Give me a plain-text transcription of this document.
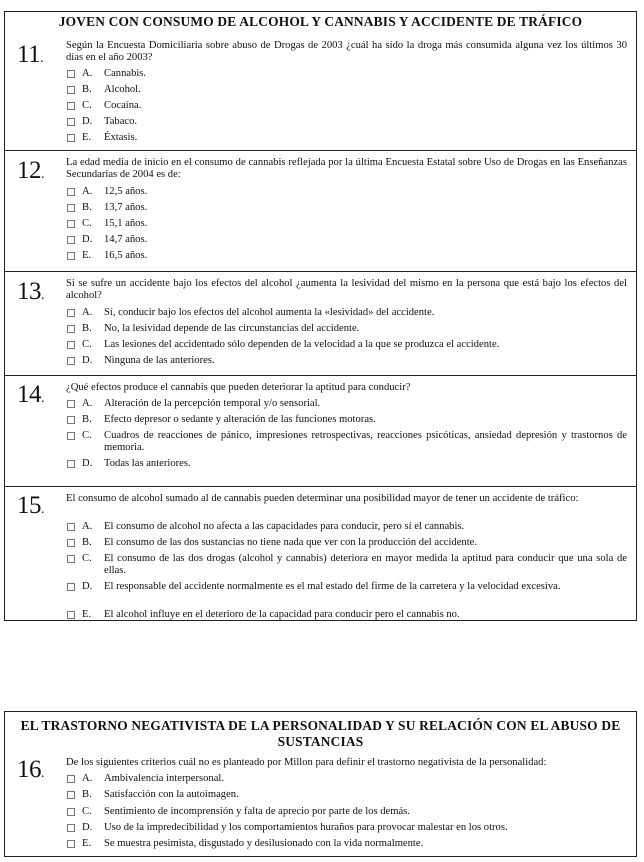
JOVEN CON CONSUMO DE ALCOHOL Y CANNABIS Y ACCIDENTE DE TRÁFICO
11.
Según la Encuesta Domiciliaria sobre abuso de Drogas de 2003 ¿cuál ha sido la droga más consumida alguna vez los últimos 30 días en el año 2003?
A. Cannabis.
B. Alcohol.
C. Cocaína.
D. Tabaco.
E. Éxtasis.
12.
La edad media de inicio en el consumo de cannabis reflejada por la última Encuesta Estatal sobre Uso de Drogas en las Enseñanzas Secundarias de 2004 es de:
A. 12,5 años.
B. 13,7 años.
C. 15,1 años.
D. 14,7 años.
E. 16,5 años.
13.
Si se sufre un accidente bajo los efectos del alcohol ¿aumenta la lesividad del mismo en la persona que está bajo los efectos del alcohol?
A. Sí, conducir bajo los efectos del alcohol aumenta la «lesividad» del accidente.
B. No, la lesividad depende de las circunstancias del accidente.
C. Las lesiones del accidentado sólo dependen de la velocidad a la que se produzca el accidente.
D. Ninguna de las anteriores.
14.
¿Qué efectos produce el cannabis que pueden deteriorar la aptitud para conducir?
A. Alteración de la percepción temporal y/o sensorial.
B. Efecto depresor o sedante y alteración de las funciones motoras.
C. Cuadros de reacciones de pánico, impresiones retrospectivas, reacciones psicóticas, ansiedad depresión y trastornos de memoria.
D. Todas las anteriores.
15.
El consumo de alcohol sumado al de cannabis pueden determinar una posibilidad mayor de tener un accidente de tráfico:
A. El consumo de alcohol no afecta a las capacidades para conducir, pero sí el cannabis.
B. El consumo de las dos sustancias no tiene nada que ver con la producción del accidente.
C. El consumo de las dos drogas (alcohol y cannabis) deteriora en mayor medida la aptitud para conducir que una sola de ellas.
D. El responsable del accidente normalmente es el mal estado del firme de la carretera y la velocidad excesiva.
E. El alcohol influye en el deterioro de la capacidad para conducir pero el cannabis no.
EL TRASTORNO NEGATIVISTA DE LA PERSONALIDAD Y SU RELACIÓN CON EL ABUSO DE SUSTANCIAS
16.
De los siguientes criterios cuál no es planteado por Millon para definir el trastorno negativista de la personalidad:
A. Ambivalencia interpersonal.
B. Satisfacción con la autoimagen.
C. Sentimiento de incomprensión y falta de aprecio por parte de los demás.
D. Uso de la impredecibilidad y los comportamientos huraños para provocar malestar en los otros.
E. Se muestra pesimista, disgustado y desilusionado con la vida normalmente.
